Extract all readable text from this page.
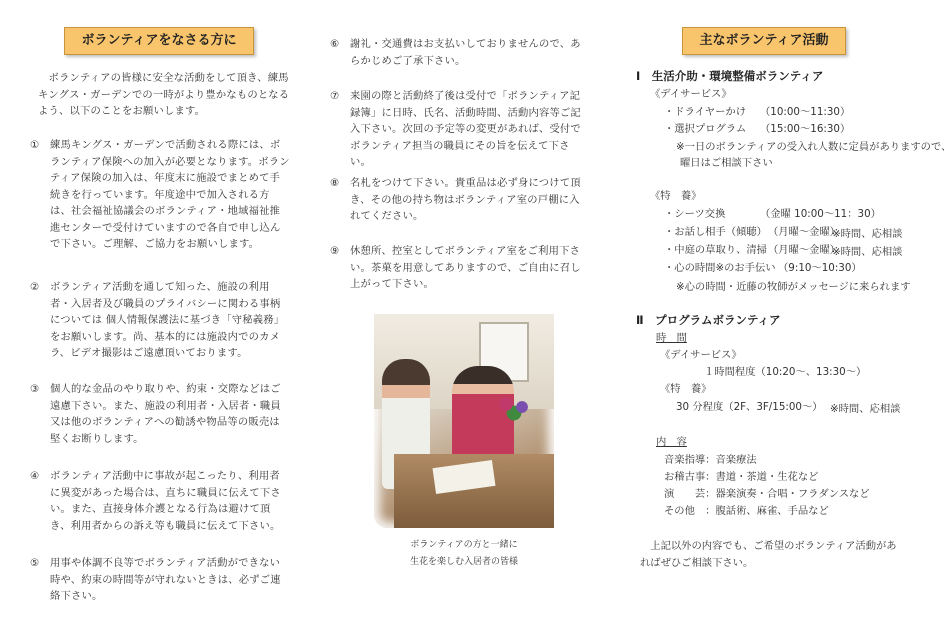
ボランティアをなさる方に
　ボランティアの皆様に安全な活動をして頂き、練馬キングス・ガーデンでの一時がより豊かなものとなるよう、以下のことをお願いします。
① 練馬キングス・ガーデンで活動される際には、ボランティア保険への加入が必要となります。ボランティア保険の加入は、年度末に施設でまとめて手続きを行っています。年度途中で加入される方は、社会福祉協議会のボランティア・地域福祉推進センターで受付けていますので各自で申し込んで下さい。ご理解、ご協力をお願いします。
② ボランティア活動を通して知った、施設の利用者・入居者及び職員のプライバシーに関わる事柄については 個人情報保護法に基づき「守秘義務」をお願いします。尚、基本的には施設内でのカメラ、ビデオ撮影はご遠慮頂いております。
③ 個人的な金品のやり取りや、約束・交際などはご遠慮下さい。また、施設の利用者・入居者・職員又は他のボランティアへの勧誘や物品等の販売は堅くお断りします。
④ ボランティア活動中に事故が起こったり、利用者に異変があった場合は、直ちに職員に伝えて下さい。また、直接身体介護となる行為は避けて頂き、利用者からの訴え等も職員に伝えて下さい。
⑤ 用事や体調不良等でボランティア活動ができない時や、約束の時間等が守れないときは、必ずご連絡下さい。
⑥ 謝礼・交通費はお支払いしておりませんので、あらかじめご了承下さい。
⑦ 来園の際と活動終了後は受付で「ボランティア記録簿」に日時、氏名、活動時間、活動内容等ご記入下さい。次回の予定等の変更があれば、受付でボランティア担当の職員にその旨を伝えて下さい。
⑧ 名札をつけて下さい。貴重品は必ず身につけて頂き、その他の持ち物はボランティア室の戸棚に入れてください。
⑨ 休憩所、控室としてボランティア室をご利用下さい。茶菓を用意してありますので、ご自由に召し上がって下さい。
ボランティアの方と一緒に
生花を楽しむ入居者の皆様
主なボランティア活動
Ⅰ　生活介助・環境整備ボランティア
《デイサービス》
・ドライヤーかけ （10:00〜11:30）
・選択プログラム （15:00〜16:30）
※一日のボランティアの受入れ人数に定員がありますので、
曜日はご相談下さい
《特　養》
・シーツ交換	（金曜 10:00〜11：30）
・お話し相手（傾聴） （月曜〜金曜）
※時間、応相談
・中庭の草取り、清掃 （月曜〜金曜）
※時間、応相談
・心の時間※のお手伝い （9:10〜10:30）
※心の時間・近藤の牧師がメッセージに来られます
Ⅱ　プログラムボランティア
時　間
《デイサービス》
１時間程度（10:20〜、13:30〜）
《特　養》
30 分程度（2F、3F/15:00〜） ※時間、応相談
内　容
音楽指導：音楽療法
お稽古事：書道・茶道・生花など
演　　芸：器楽演奏・合唱・フラダンスなど
その他　：腹話術、麻雀、手品など
　上記以外の内容でも、ご希望のボランティア活動があ
ればぜひご相談下さい。
